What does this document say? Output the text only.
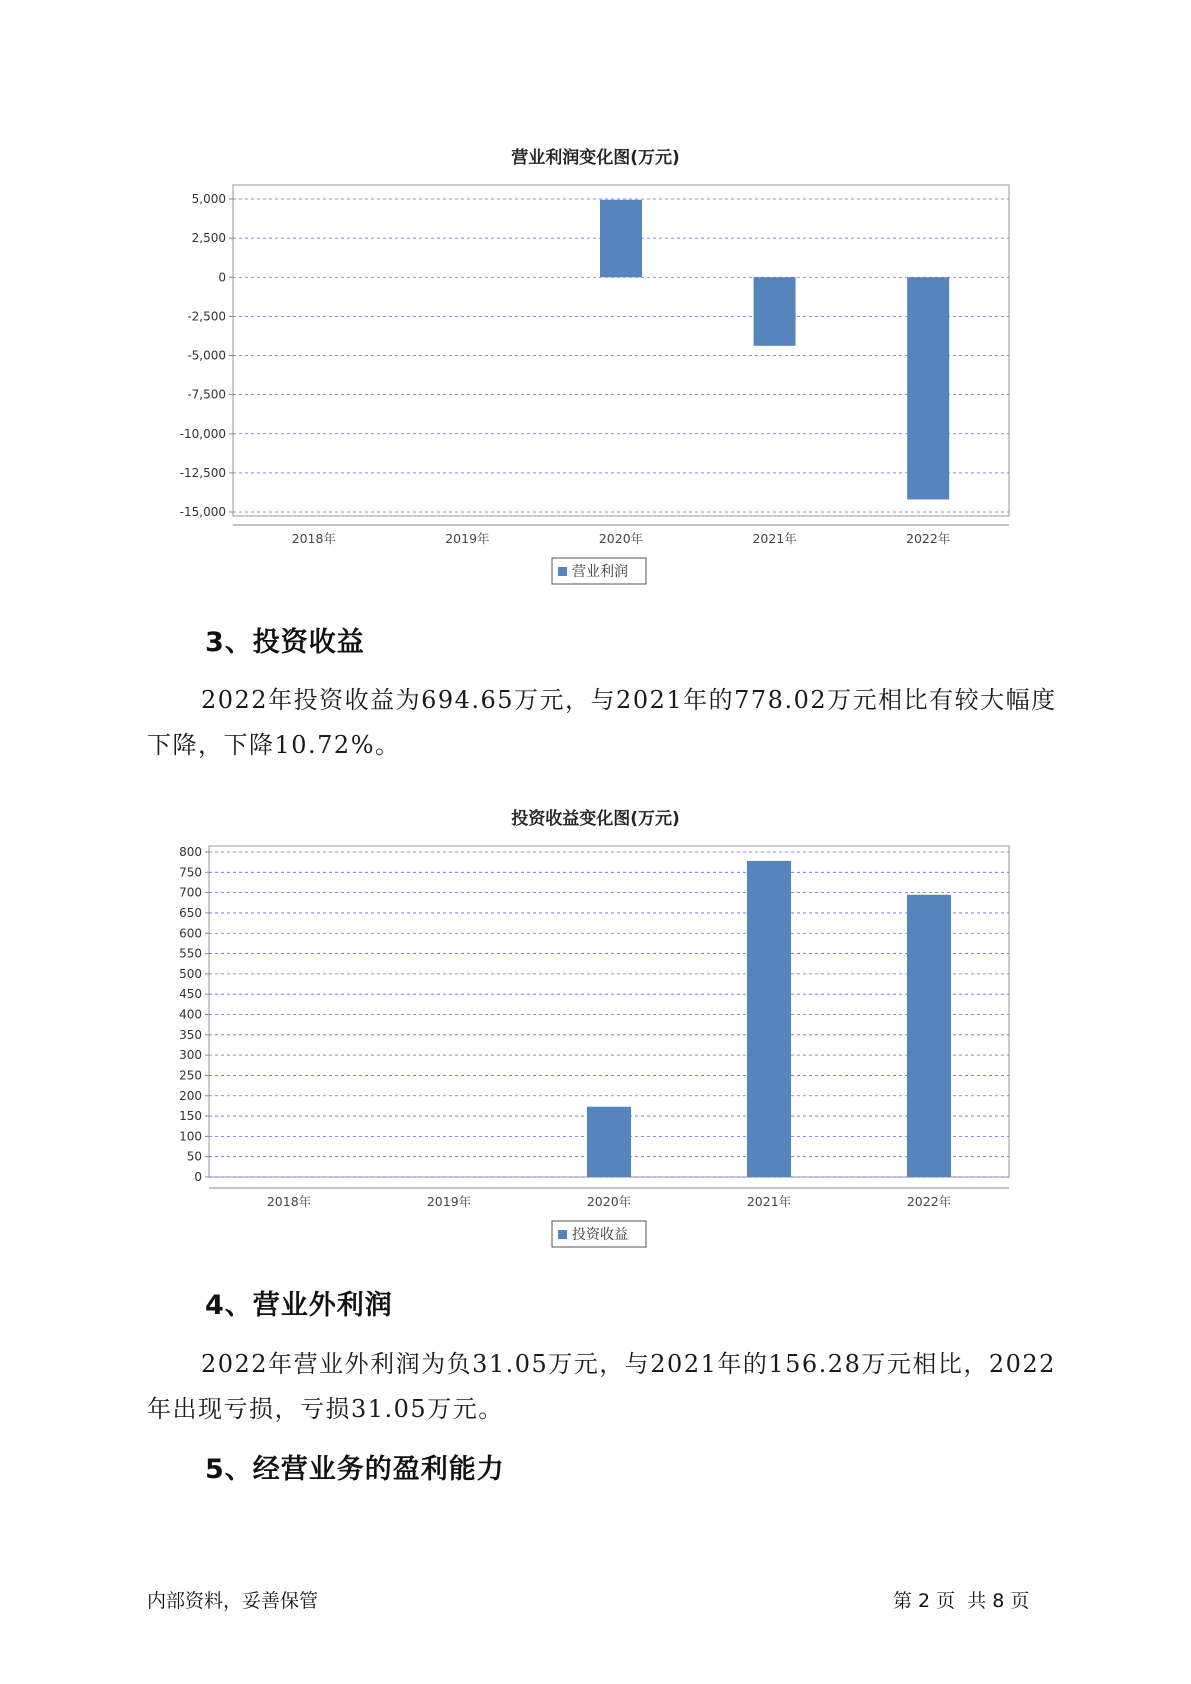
营业利润变化图(万元)
5,000
2,500
0
-2,500
-5,000
-7,500
-10,000
-12,500
-15,000
2018年	2019年	2020年	2021年	2022年
营业利润
3、投资收益
2022年投资收益为694.65万元，与2021年的778.02万元相比有较大幅度下降，下降10.72%。
投资收益变化图(万元)
0
50
100
150
200
250
300
350
400
450
500
550
600
650
700
750
800
2018年	2019年	2020年	2021年	2022年
投资收益
4、营业外利润
2022年营业外利润为负31.05万元，与2021年的156.28万元相比，2022年出现亏损，亏损31.05万元。
5、经营业务的盈利能力
内部资料，妥善保管	第 2 页  共 8 页
